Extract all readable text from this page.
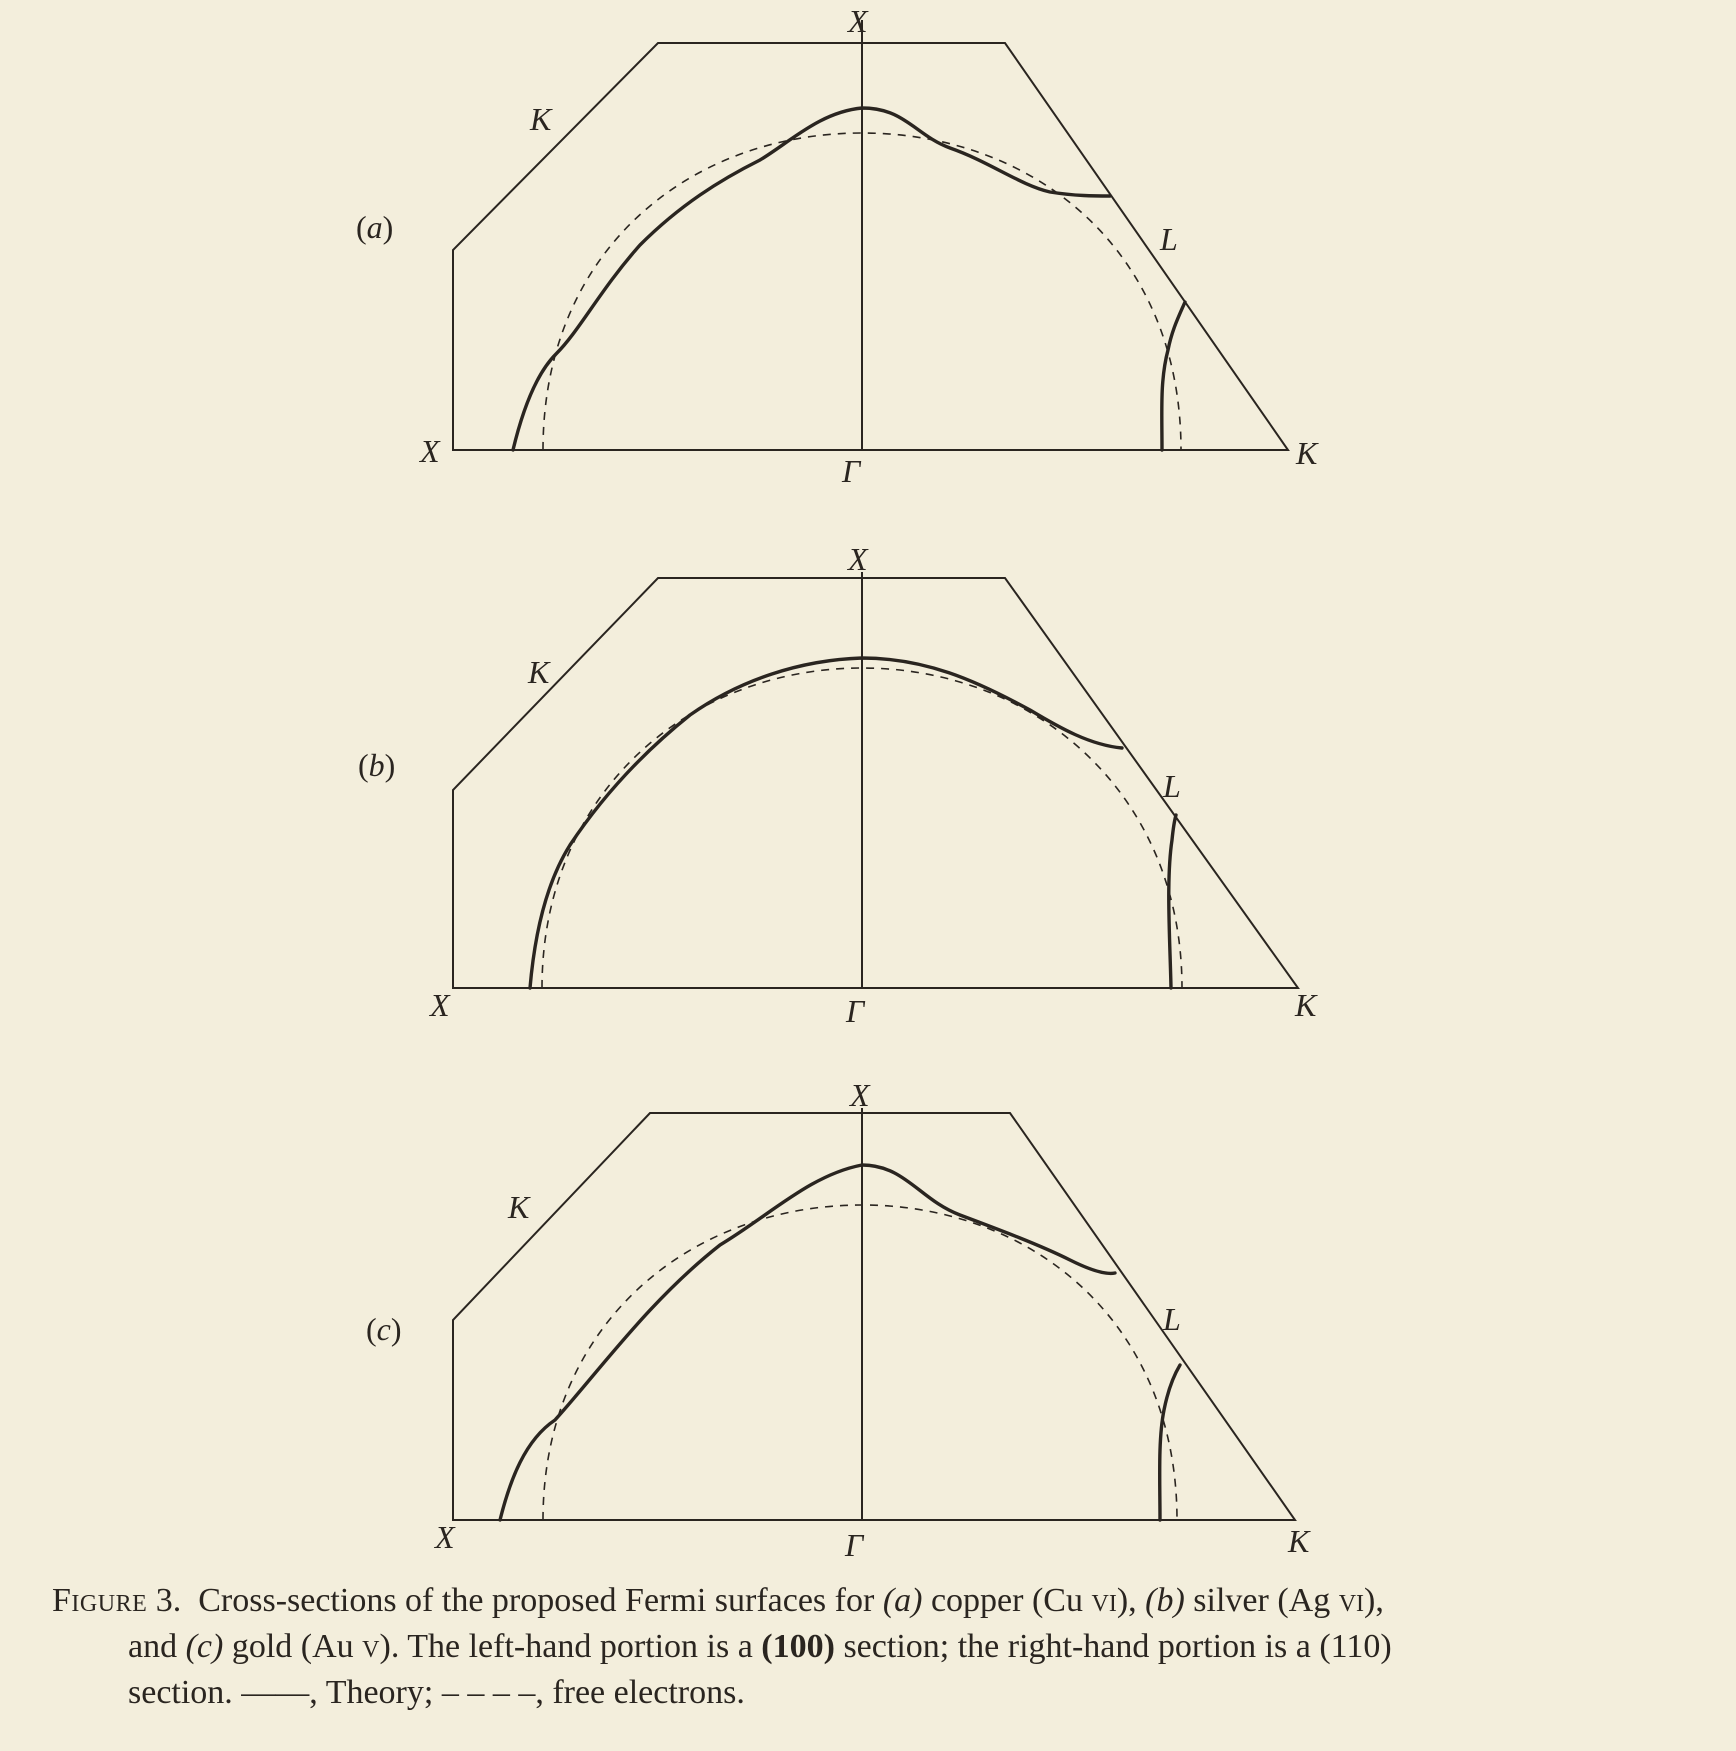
X
K
L
X
Γ	K
(a)
X
K
L
X	Γ	K
(b)
X
K
L
X	Γ	K
(c)
Figure 3. Cross-sections of the proposed Fermi surfaces for (a) copper (Cu vi), (b) silver (Ag vi),
and (c) gold (Au v). The left-hand portion is a (100) section; the right-hand portion is a (110)
section. ——, Theory; – – – –, free electrons.
